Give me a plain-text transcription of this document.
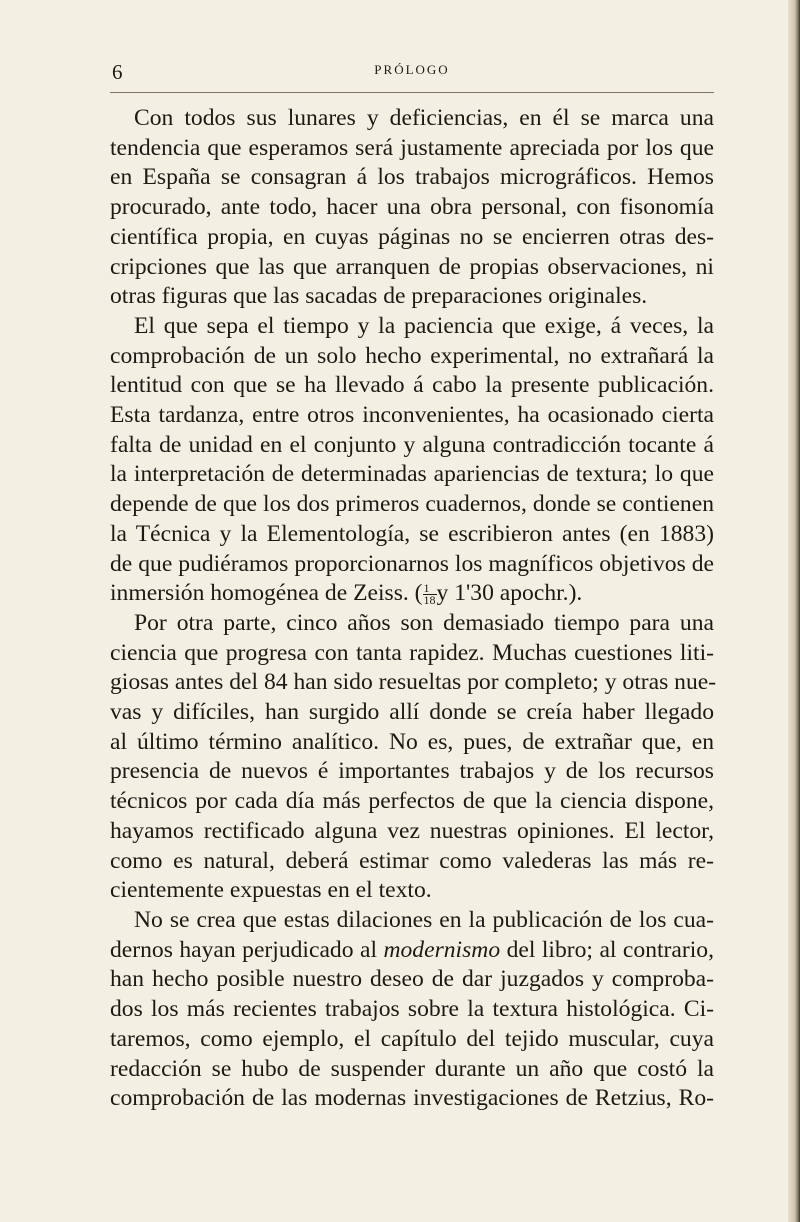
6	PRÓLOGO
Con todos sus lunares y deficiencias, en él se marca una
tendencia que esperamos será justamente apreciada por los que
en España se consagran á los trabajos micrográficos. Hemos
procurado, ante todo, hacer una obra personal, con fisonomía
científica propia, en cuyas páginas no se encierren otras des-
cripciones que las que arranquen de propias observaciones, ni
otras figuras que las sacadas de preparaciones originales.
El que sepa el tiempo y la paciencia que exige, á veces, la
comprobación de un solo hecho experimental, no extrañará la
lentitud con que se ha llevado á cabo la presente publicación.
Esta tardanza, entre otros inconvenientes, ha ocasionado cierta
falta de unidad en el conjunto y alguna contradicción tocante á
la interpretación de determinadas apariencias de textura; lo que
depende de que los dos primeros cuadernos, donde se contienen
la Técnica y la Elementología, se escribieron antes (en 1883)
de que pudiéramos proporcionarnos los magníficos objetivos de
inmersión homogénea de Zeiss. ( $\frac{1}{18}$ y 1'30 apochr.).
Por otra parte, cinco años son demasiado tiempo para una
ciencia que progresa con tanta rapidez. Muchas cuestiones liti-
giosas antes del 84 han sido resueltas por completo; y otras nue-
vas y difíciles, han surgido allí donde se creía haber llegado
al último término analítico. No es, pues, de extrañar que, en
presencia de nuevos é importantes trabajos y de los recursos
técnicos por cada día más perfectos de que la ciencia dispone,
hayamos rectificado alguna vez nuestras opiniones. El lector,
como es natural, deberá estimar como valederas las más re-
cientemente expuestas en el texto.
No se crea que estas dilaciones en la publicación de los cua-
dernos hayan perjudicado al modernismo del libro; al contrario,
han hecho posible nuestro deseo de dar juzgados y comproba-
dos los más recientes trabajos sobre la textura histológica. Ci-
taremos, como ejemplo, el capítulo del tejido muscular, cuya
redacción se hubo de suspender durante un año que costó la
comprobación de las modernas investigaciones de Retzius, Ro-
